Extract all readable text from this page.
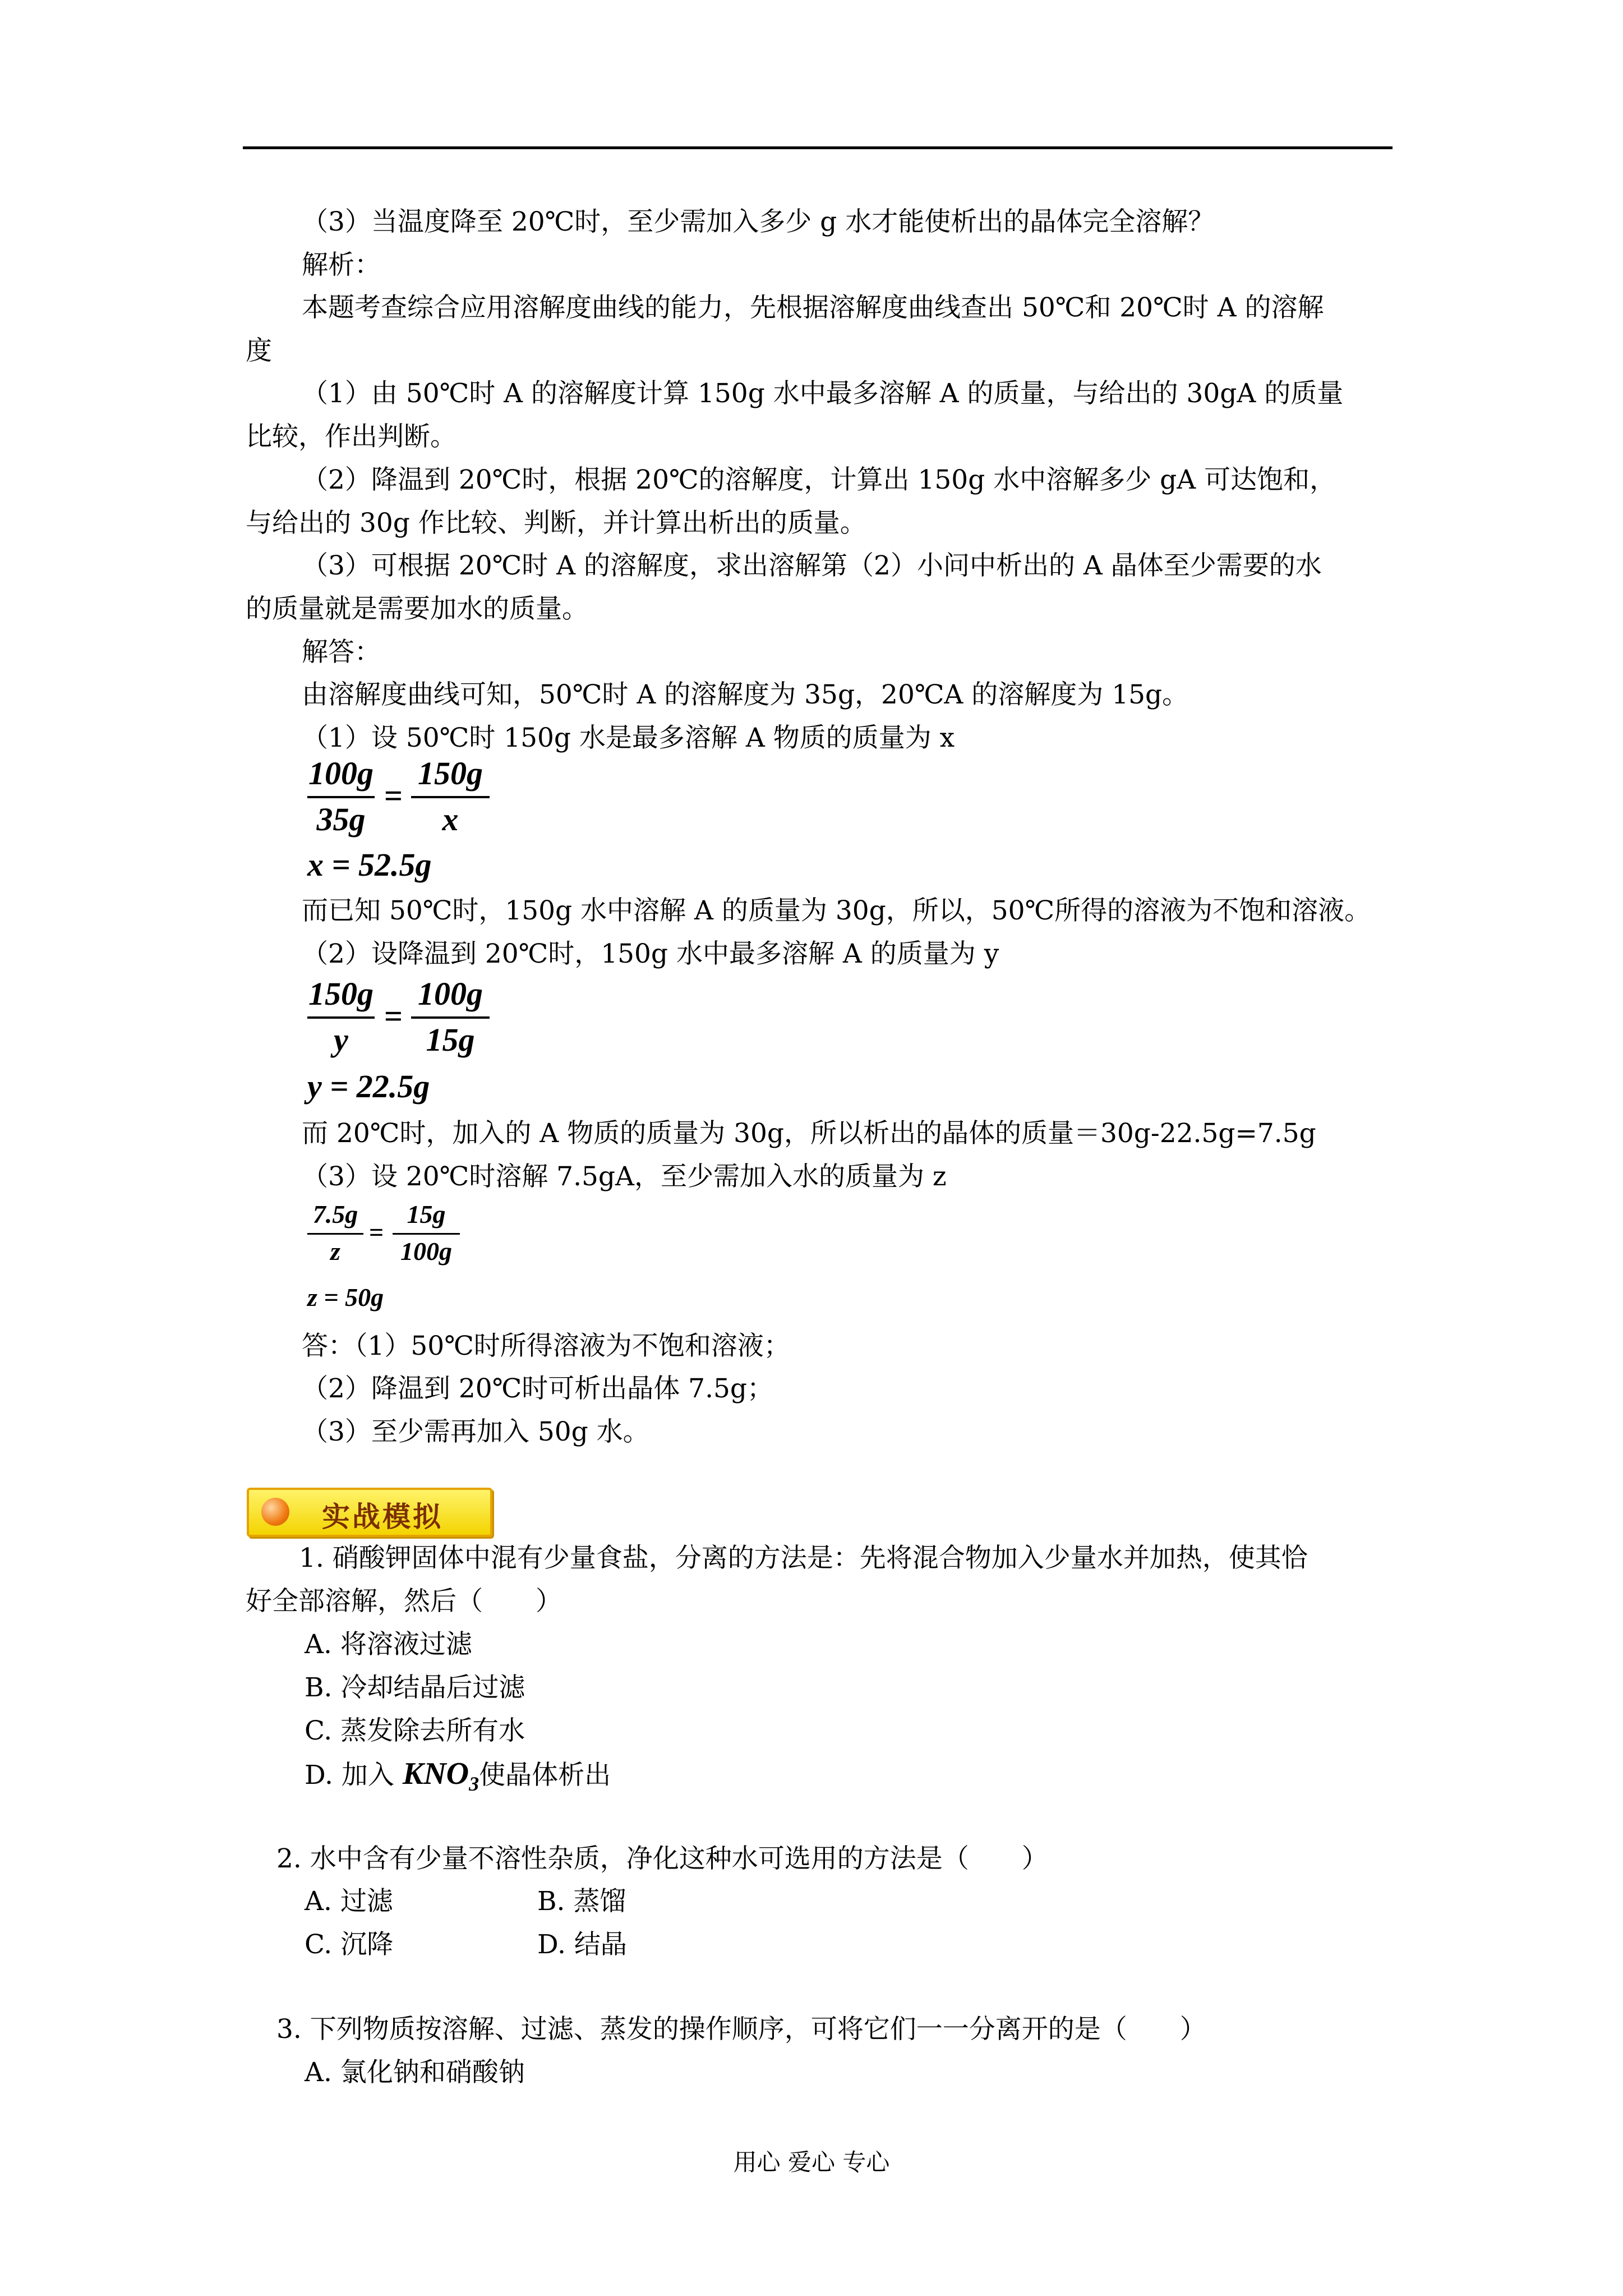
（3）当温度降至 20℃时，至少需加入多少 g 水才能使析出的晶体完全溶解？
解析：
本题考查综合应用溶解度曲线的能力，先根据溶解度曲线查出 50℃和 20℃时 A 的溶解
度
（1）由 50℃时 A 的溶解度计算 150g 水中最多溶解 A 的质量，与给出的 30gA 的质量
比较，作出判断。
（2）降温到 20℃时，根据 20℃的溶解度，计算出 150g 水中溶解多少 gA 可达饱和，
与给出的 30g 作比较、判断，并计算出析出的质量。
（3）可根据 20℃时 A 的溶解度，求出溶解第（2）小问中析出的 A 晶体至少需要的水
的质量就是需要加水的质量。
解答：
由溶解度曲线可知，50℃时 A 的溶解度为 35g，20℃A 的溶解度为 15g。
（1）设 50℃时 150g 水是最多溶解 A 物质的质量为 x
100g
35g
=
150g
x
x = 52.5g
而已知 50℃时，150g 水中溶解 A 的质量为 30g，所以，50℃所得的溶液为不饱和溶液。
（2）设降温到 20℃时，150g 水中最多溶解 A 的质量为 y
150g
y
=
100g
15g
y = 22.5g
而 20℃时，加入的 A 物质的质量为 30g，所以析出的晶体的质量＝30g-22.5g=7.5g
（3）设 20℃时溶解 7.5gA，至少需加入水的质量为 z
7.5g
z
=
15g
100g
z = 50g
答：（1）50℃时所得溶液为不饱和溶液；
（2）降温到 20℃时可析出晶体 7.5g；
（3）至少需再加入 50g 水。
实战模拟
1. 硝酸钾固体中混有少量食盐，分离的方法是：先将混合物加入少量水并加热，使其恰
好全部溶解，然后（　　）
A. 将溶液过滤
B. 冷却结晶后过滤
C. 蒸发除去所有水
D. 加入 $KNO_3$使晶体析出
2. 水中含有少量不溶性杂质，净化这种水可选用的方法是（　　）
A. 过滤	B. 蒸馏
C. 沉降	D. 结晶
3. 下列物质按溶解、过滤、蒸发的操作顺序，可将它们一一分离开的是（　　）
A. 氯化钠和硝酸钠
用心 爱心 专心
